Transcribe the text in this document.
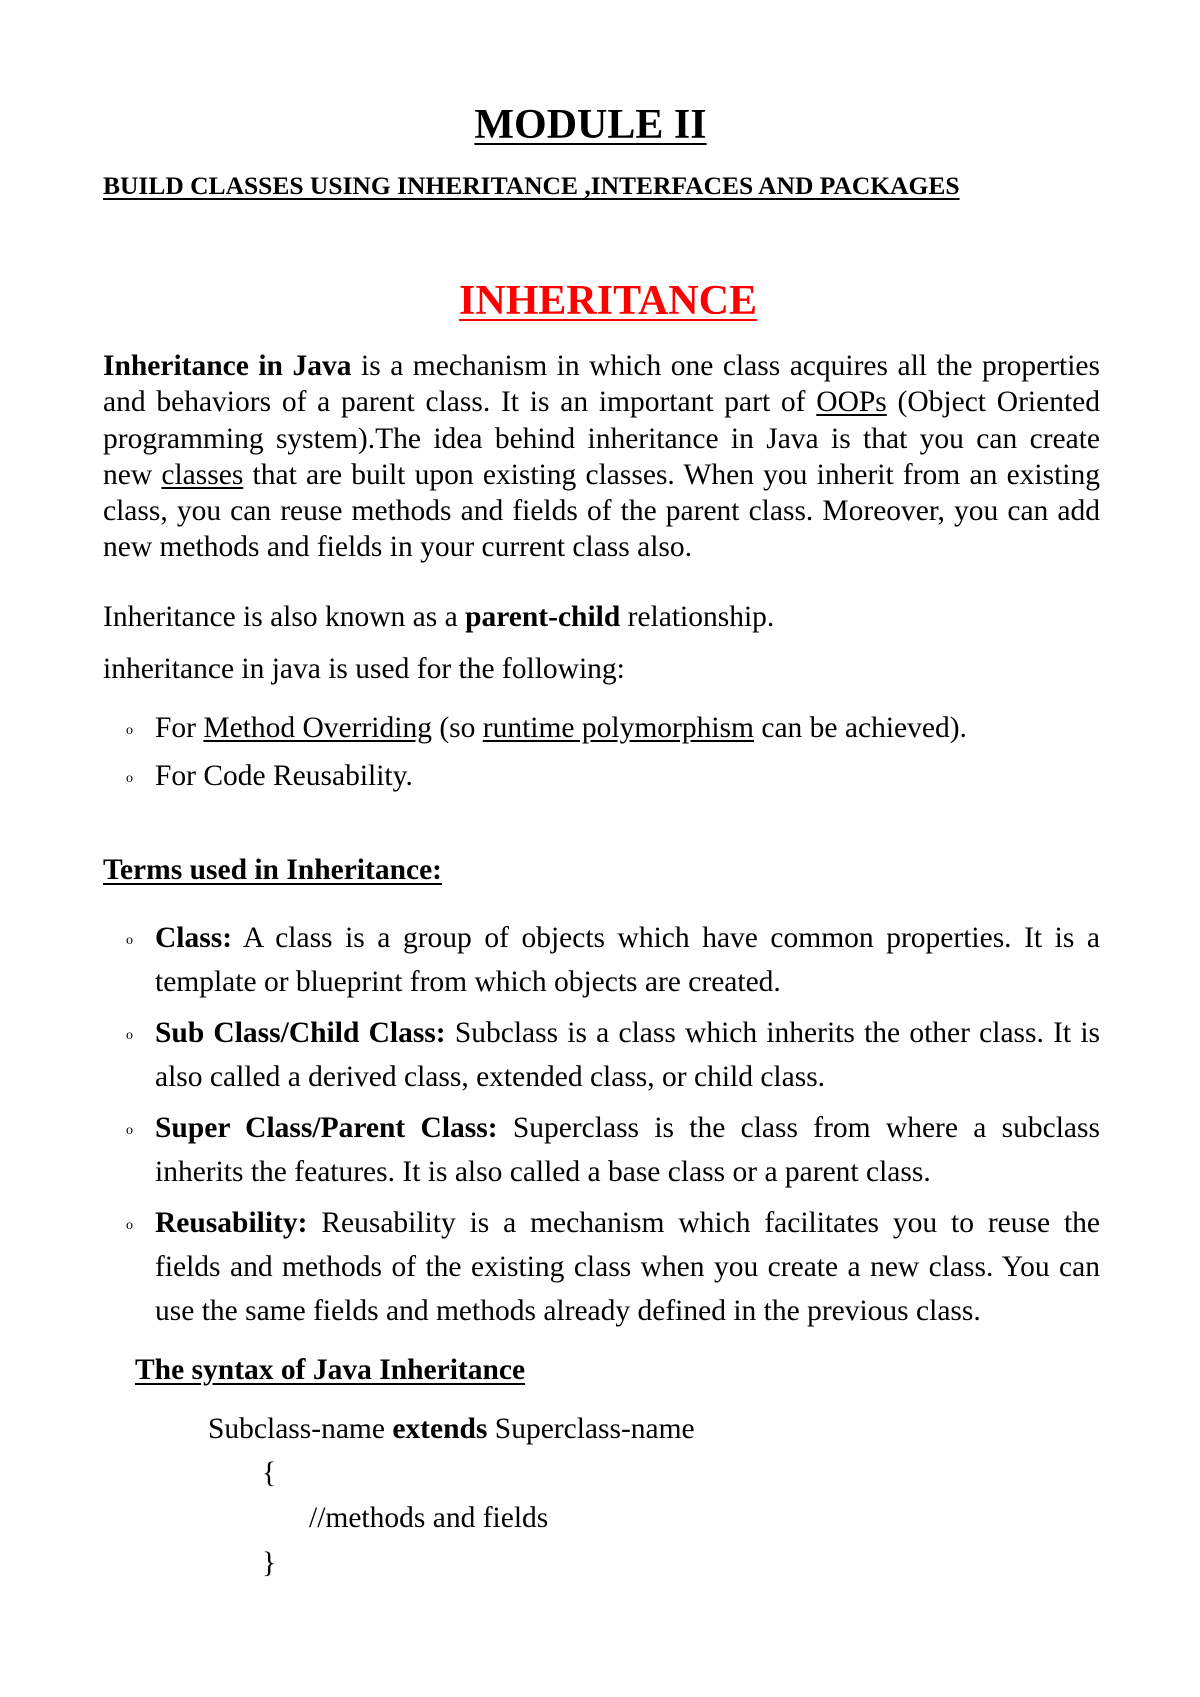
MODULE II
BUILD CLASSES USING INHERITANCE ,INTERFACES AND PACKAGES
INHERITANCE

Inheritance in Java is a mechanism in which one class acquires all the properties and behaviors of a parent class. It is an important part of OOPs (Object Oriented programming system).The idea behind inheritance in Java is that you can create new classes that are built upon existing classes. When you inherit from an existing class, you can reuse methods and fields of the parent class. Moreover, you can add new methods and fields in your current class also.

Inheritance is also known as a parent-child relationship.

inheritance in java is used for the following:

o For Method Overriding (so runtime polymorphism can be achieved).
o For Code Reusability.
Terms used in Inheritance:
o Class: A class is a group of objects which have common properties. It is a template or blueprint from which objects are created.
o Sub Class/Child Class: Subclass is a class which inherits the other class. It is also called a derived class, extended class, or child class.
o Super Class/Parent Class: Superclass is the class from where a subclass inherits the features. It is also called a base class or a parent class.
o Reusability: Reusability is a mechanism which facilitates you to reuse the fields and methods of the existing class when you create a new class. You can use the same fields and methods already defined in the previous class.
The syntax of Java Inheritance

Subclass-name extends Superclass-name

{

//methods and fields

}
